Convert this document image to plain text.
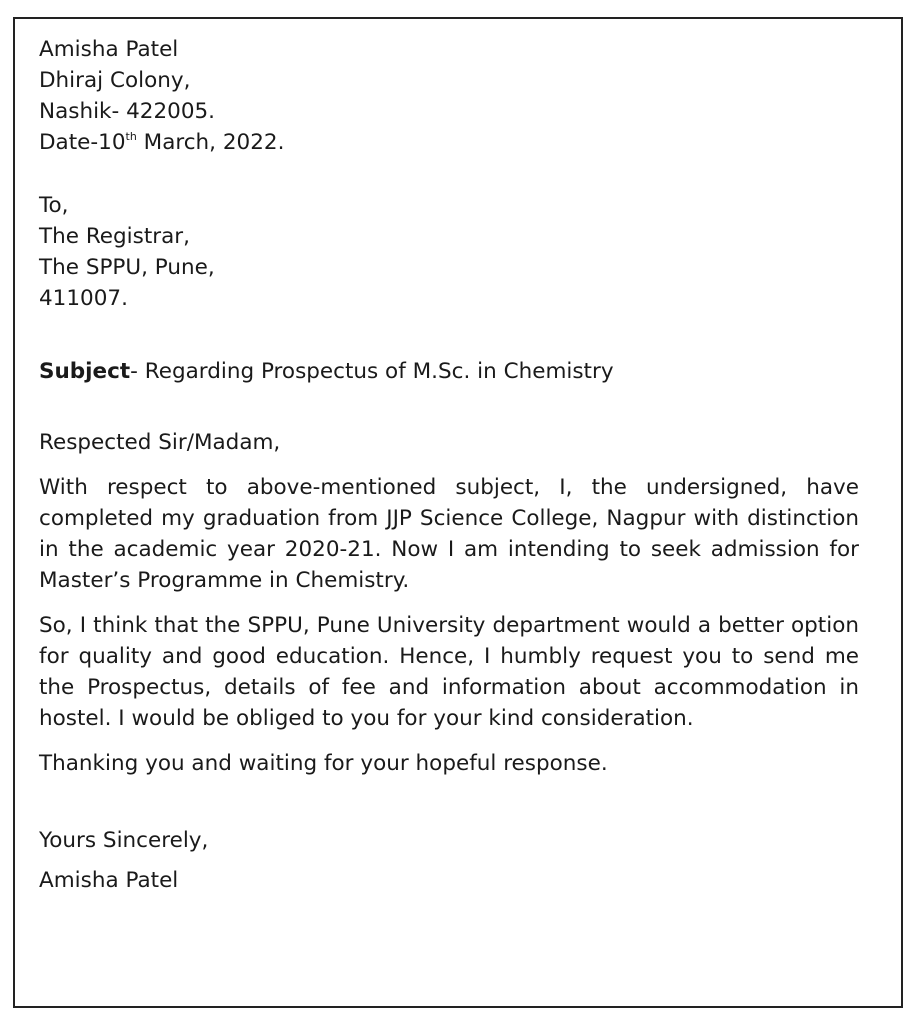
Amisha Patel
Dhiraj Colony,
Nashik- 422005.
Date-10th March, 2022.
To,
The Registrar,
The SPPU, Pune,
411007.
Subject- Regarding Prospectus of M.Sc. in Chemistry
Respected Sir/Madam,
With respect to above-mentioned subject, I, the undersigned, have completed my graduation from JJP Science College, Nagpur with distinction in the academic year 2020-21. Now I am intending to seek admission for Master’s Programme in Chemistry.
So, I think that the SPPU, Pune University department would a better option for quality and good education. Hence, I humbly request you to send me the Prospectus, details of fee and information about accommodation in hostel. I would be obliged to you for your kind consideration.
Thanking you and waiting for your hopeful response.
Yours Sincerely,
Amisha Patel
